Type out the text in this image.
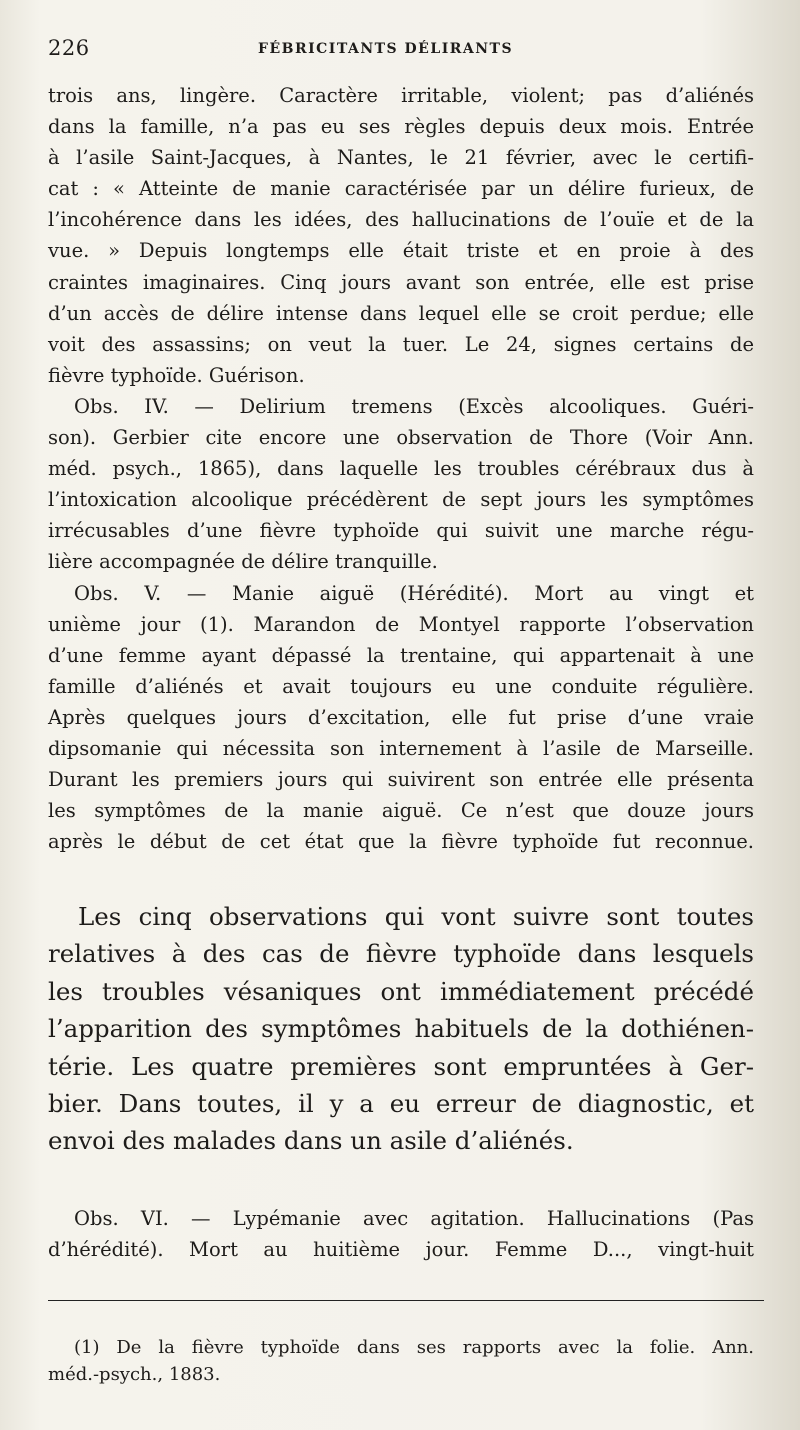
226	FÉBRICITANTS DÉLIRANTS
trois ans, lingère. Caractère irritable, violent; pas d’aliénés
dans la famille, n’a pas eu ses règles depuis deux mois. Entrée
à l’asile Saint-Jacques, à Nantes, le 21 février, avec le certifi-
cat : « Atteinte de manie caractérisée par un délire furieux, de
l’incohérence dans les idées, des hallucinations de l’ouïe et de la
vue. » Depuis longtemps elle était triste et en proie à des
craintes imaginaires. Cinq jours avant son entrée, elle est prise
d’un accès de délire intense dans lequel elle se croit perdue; elle
voit des assassins; on veut la tuer. Le 24, signes certains de
fièvre typhoïde. Guérison.
Obs. IV. — Delirium tremens (Excès alcooliques. Guéri-
son). Gerbier cite encore une observation de Thore (Voir Ann.
méd. psych., 1865), dans laquelle les troubles cérébraux dus à
l’intoxication alcoolique précédèrent de sept jours les symptômes
irrécusables d’une fièvre typhoïde qui suivit une marche régu-
lière accompagnée de délire tranquille.
Obs. V. — Manie aiguë (Hérédité). Mort au vingt et
unième jour (1). Marandon de Montyel rapporte l’observation
d’une femme ayant dépassé la trentaine, qui appartenait à une
famille d’aliénés et avait toujours eu une conduite régulière.
Après quelques jours d’excitation, elle fut prise d’une vraie
dipsomanie qui nécessita son internement à l’asile de Marseille.
Durant les premiers jours qui suivirent son entrée elle présenta
les symptômes de la manie aiguë. Ce n’est que douze jours
après le début de cet état que la fièvre typhoïde fut reconnue.
Les cinq observations qui vont suivre sont toutes
relatives à des cas de fièvre typhoïde dans lesquels
les troubles vésaniques ont immédiatement précédé
l’apparition des symptômes habituels de la dothiénen-
térie. Les quatre premières sont empruntées à Ger-
bier. Dans toutes, il y a eu erreur de diagnostic, et
envoi des malades dans un asile d’aliénés.
Obs. VI. — Lypémanie avec agitation. Hallucinations (Pas
d’hérédité). Mort au huitième jour. Femme D..., vingt-huit
(1) De la fièvre typhoïde dans ses rapports avec la folie. Ann.
méd.-psych., 1883.
